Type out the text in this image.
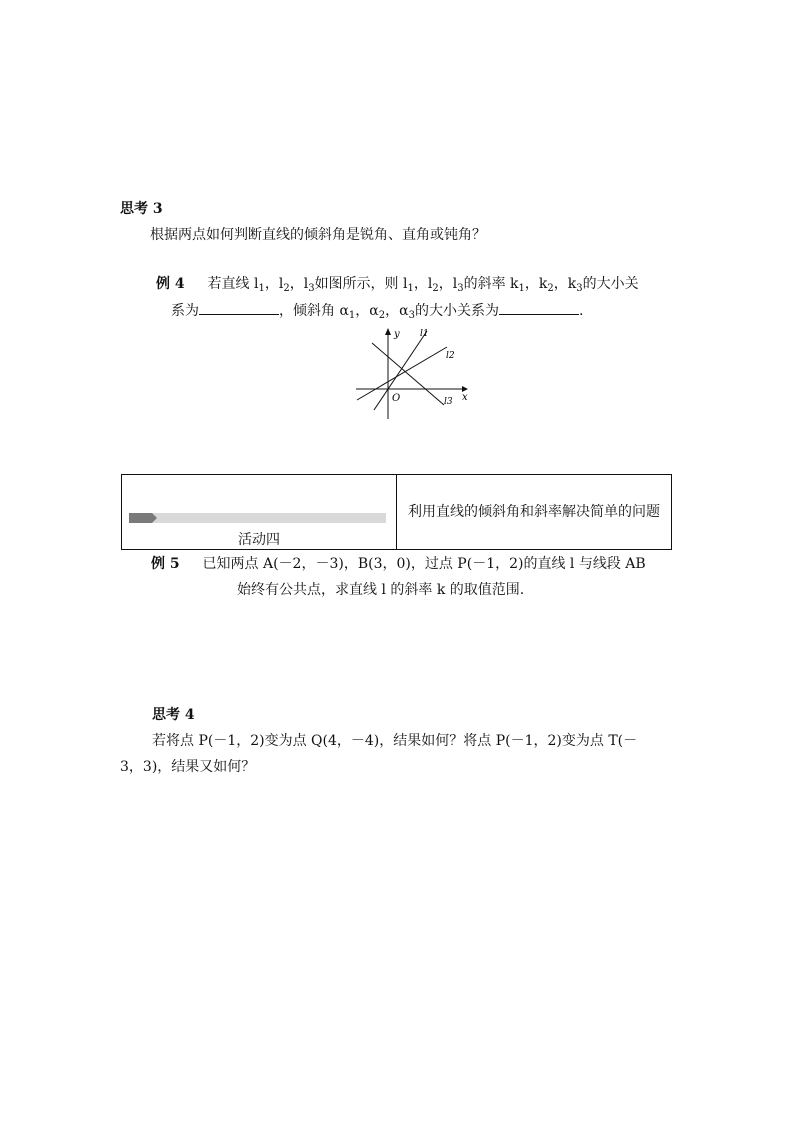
思考 3
根据两点如何判断直线的倾斜角是锐角、直角或钝角？
例 4 若直线 $l_1$，$l_2$，$l_3$如图所示，则 $l_1$，$l_2$，$l_3$的斜率 $k_1$，$k_2$，$k_3$的大小关
系为	，倾斜角 $\alpha_1$，$\alpha_2$，$\alpha_3$的大小关系为	.
y
x
O
l1
l2
l3
活动四
利用直线的倾斜角和斜率解决简单的问题
例 5 已知两点 A(－2，－3)，B(3，0)，过点 P(－1，2)的直线 l 与线段 AB
始终有公共点，求直线 l 的斜率 k 的取值范围.
思考 4
若将点 P(－1，2)变为点 Q(4，－4)，结果如何？将点 P(－1，2)变为点 T(－
3，3)，结果又如何？
